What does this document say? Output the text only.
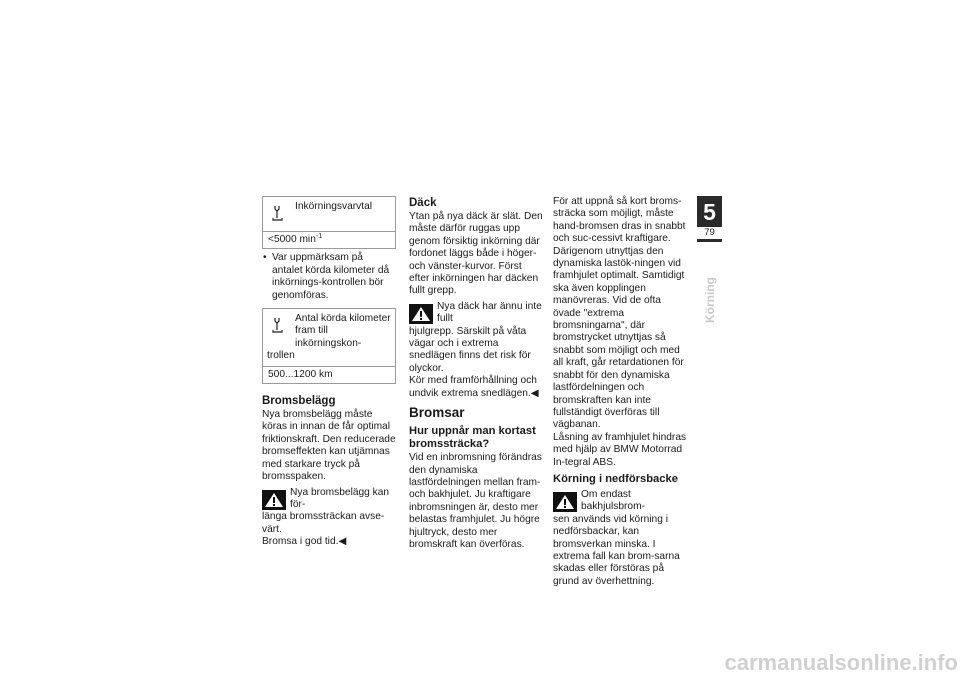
Inkörningsvarvtal
<5000 $\min^{-1}$

• Var uppmärksam på antalet körda kilometer då inkörnings-kontrollen bör genomföras.

Antal körda kilometer
fram till inkörningskon-
trollen
500...1200 km
Bromsbelägg

Nya bromsbelägg måste köras in innan de får optimal friktionskraft. Den reducerade bromseffekten kan utjämnas med starkare tryck på bromsspaken.

Nya bromsbelägg kan för-

länga bromssträckan avse-

värt.

Bromsa i god tid.◀

Däck

Ytan på nya däck är slät. Den måste därför ruggas upp genom försiktig inkörning där fordonet läggs både i höger- och vänster-kurvor. Först efter inkörningen har däcken fullt grepp.

Nya däck har ännu inte fullt

hjulgrepp. Särskilt på våta

vägar och i extrema snedlägen finns det risk för olyckor.

Kör med framförhållning och undvik extrema snedlägen.◀

Bromsar
Hur uppnår man kortast bromssträcka?

Vid en inbromsning förändras den dynamiska lastfördelningen mellan fram- och bakhjulet. Ju kraftigare inbromsningen är, desto mer belastas framhjulet. Ju högre hjultryck, desto mer bromskraft kan överföras.

För att uppnå så kort broms-sträcka som möjligt, måste hand-bromsen dras in snabbt och suc-cessivt kraftigare. Därigenom utnyttjas den dynamiska lastök-ningen vid framhjulet optimalt. Samtidigt ska även kopplingen manövreras. Vid de ofta övade "extrema bromsningarna", där bromstrycket utnyttjas så snabbt som möjligt och med all kraft, går retardationen för snabbt för den dynamiska lastfördelningen och bromskraften kan inte fullständigt överföras till vägbanan.

Låsning av framhjulet hindras med hjälp av BMW Motorrad In-tegral ABS.

Körning i nedförsbacke

Om endast bakhjulsbrom-

sen används vid körning i

nedförsbackar, kan bromsverkan minska. I extrema fall kan brom-sarna skadas eller förstöras på grund av överhettning.

5
79
Körning
carmanualsonline.info
